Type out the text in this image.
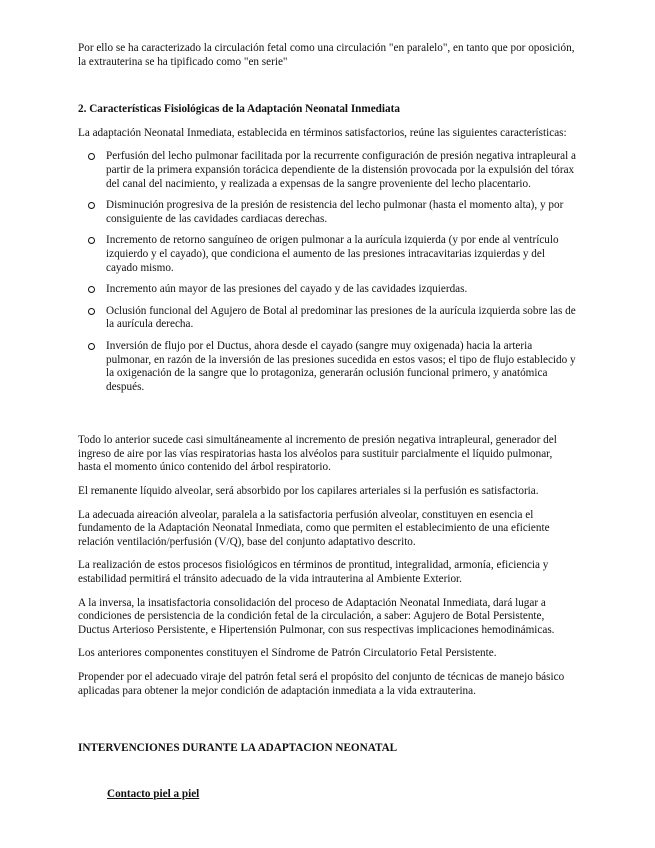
Por ello se ha caracterizado la circulación fetal como una circulación "en paralelo", en tanto que por oposición, la extrauterina se ha tipificado como "en serie"

2. Características Fisiológicas de la Adaptación Neonatal Inmediata

La adaptación Neonatal Inmediata, establecida en términos satisfactorios, reúne las siguientes características:

Perfusión del lecho pulmonar facilitada por la recurrente configuración de presión negativa intrapleural a partir de la primera expansión torácica dependiente de la distensión provocada por la expulsión del tórax del canal del nacimiento, y realizada a expensas de la sangre proveniente del lecho placentario.
Disminución progresiva de la presión de resistencia del lecho pulmonar (hasta el momento alta), y por consiguiente de las cavidades cardiacas derechas.
Incremento de retorno sanguíneo de origen pulmonar a la aurícula izquierda (y por ende al ventrículo izquierdo y el cayado), que condiciona el aumento de las presiones intracavitarias izquierdas y del cayado mismo.
Incremento aún mayor de las presiones del cayado y de las cavidades izquierdas.
Oclusión funcional del Agujero de Botal al predominar las presiones de la aurícula izquierda sobre las de la aurícula derecha.
Inversión de flujo por el Ductus, ahora desde el cayado (sangre muy oxigenada) hacia la arteria pulmonar, en razón de la inversión de las presiones sucedida en estos vasos; el tipo de flujo establecido y la oxigenación de la sangre que lo protagoniza, generarán oclusión funcional primero, y anatómica después.

Todo lo anterior sucede casi simultáneamente al incremento de presión negativa intrapleural, generador del ingreso de aire por las vías respiratorias hasta los alvéolos para sustituir parcialmente el líquido pulmonar, hasta el momento único contenido del árbol respiratorio.

El remanente líquido alveolar, será absorbido por los capilares arteriales si la perfusión es satisfactoria.

La adecuada aireación alveolar, paralela a la satisfactoria perfusión alveolar, constituyen en esencia el fundamento de la Adaptación Neonatal Inmediata, como que permiten el establecimiento de una eficiente relación ventilación/perfusión (V/Q), base del conjunto adaptativo descrito.

La realización de estos procesos fisiológicos en términos de prontitud, integralidad, armonía, eficiencia y estabilidad permitirá el tránsito adecuado de la vida intrauterina al Ambiente Exterior.

A la inversa, la insatisfactoria consolidación del proceso de Adaptación Neonatal Inmediata, dará lugar a condiciones de persistencia de la condición fetal de la circulación, a saber: Agujero de Botal Persistente, Ductus Arterioso Persistente, e Hipertensión Pulmonar, con sus respectivas implicaciones hemodinámicas.

Los anteriores componentes constituyen el Síndrome de Patrón Circulatorio Fetal Persistente.

Propender por el adecuado viraje del patrón fetal será el propósito del conjunto de técnicas de manejo básico aplicadas para obtener la mejor condición de adaptación inmediata a la vida extrauterina.

INTERVENCIONES DURANTE LA ADAPTACION NEONATAL
Contacto piel a piel
